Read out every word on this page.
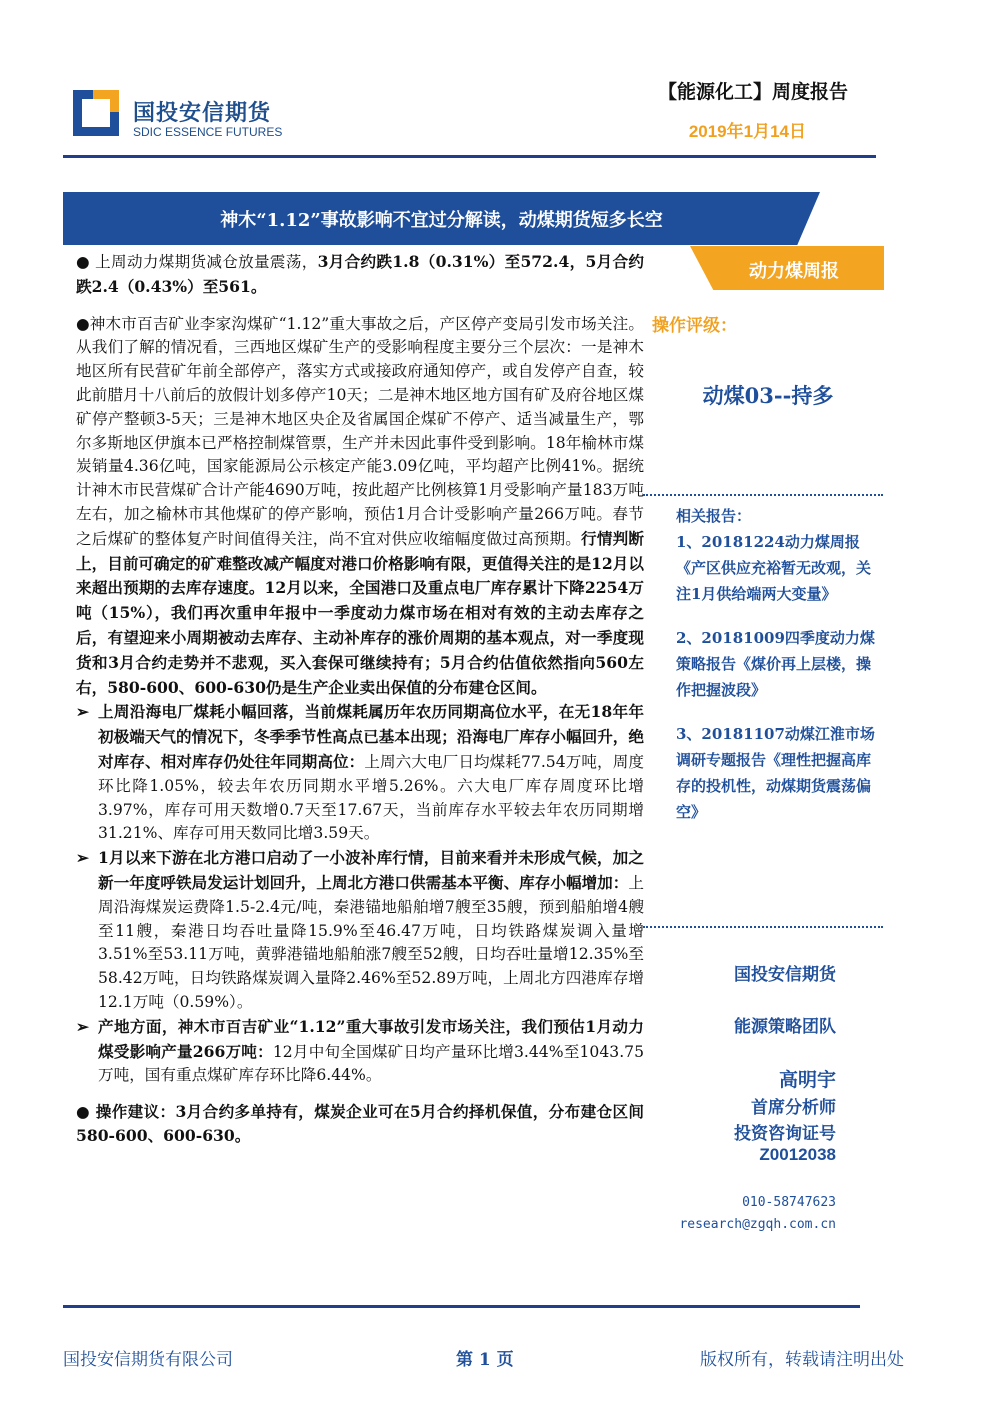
国投安信期货
SDIC ESSENCE FUTURES
【能源化工】周度报告
2019年1月14日
神木“1.12”事故影响不宜过分解读，动煤期货短多长空
动力煤周报

● 上周动力煤期货减仓放量震荡，3月合约跌1.8（0.31%）至572.4，5月合约跌2.4（0.43%）至561。

●神木市百吉矿业李家沟煤矿“1.12”重大事故之后，产区停产变局引发市场关注。从我们了解的情况看，三西地区煤矿生产的受影响程度主要分三个层次：一是神木地区所有民营矿年前全部停产，落实方式或接政府通知停产，或自发停产自查，较此前腊月十八前后的放假计划多停产10天；二是神木地区地方国有矿及府谷地区煤矿停产整顿3-5天；三是神木地区央企及省属国企煤矿不停产、适当减量生产，鄂尔多斯地区伊旗本已严格控制煤管票，生产并未因此事件受到影响。18年榆林市煤炭销量4.36亿吨，国家能源局公示核定产能3.09亿吨，平均超产比例41%。据统计神木市民营煤矿合计产能4690万吨，按此超产比例核算1月受影响产量183万吨左右，加之榆林市其他煤矿的停产影响，预估1月合计受影响产量266万吨。春节之后煤矿的整体复产时间值得关注，尚不宜对供应收缩幅度做过高预期。行情判断上，目前可确定的矿难整改减产幅度对港口价格影响有限，更值得关注的是12月以来超出预期的去库存速度。12月以来，全国港口及重点电厂库存累计下降2254万吨（15%），我们再次重申年报中一季度动力煤市场在相对有效的主动去库存之后，有望迎来小周期被动去库存、主动补库存的涨价周期的基本观点，对一季度现货和3月合约走势并不悲观，买入套保可继续持有；5月合约估值依然指向560左右，580-600、600-630仍是生产企业卖出保值的分布建仓区间。

➢ 上周沿海电厂煤耗小幅回落，当前煤耗属历年农历同期高位水平，在无18年年初极端天气的情况下，冬季季节性高点已基本出现；沿海电厂库存小幅回升，绝对库存、相对库存仍处往年同期高位：上周六大电厂日均煤耗77.54万吨，周度环比降1.05%，较去年农历同期水平增5.26%。六大电厂库存周度环比增3.97%，库存可用天数增0.7天至17.67天，当前库存水平较去年农历同期增31.21%、库存可用天数同比增3.59天。
➢ 1月以来下游在北方港口启动了一小波补库行情，目前来看并未形成气候，加之新一年度呼铁局发运计划回升，上周北方港口供需基本平衡、库存小幅增加：上周沿海煤炭运费降1.5-2.4元/吨，秦港锚地船舶增7艘至35艘，预到船舶增4艘至11艘，秦港日均吞吐量降15.9%至46.47万吨，日均铁路煤炭调入量增3.51%至53.11万吨，黄骅港锚地船舶涨7艘至52艘，日均吞吐量增12.35%至58.42万吨，日均铁路煤炭调入量降2.46%至52.89万吨，上周北方四港库存增12.1万吨（0.59%）。
➢ 产地方面，神木市百吉矿业“1.12”重大事故引发市场关注，我们预估1月动力煤受影响产量266万吨：12月中旬全国煤矿日均产量环比增3.44%至1043.75万吨，国有重点煤矿库存环比降6.44%。

● 操作建议：3月合约多单持有，煤炭企业可在5月合约择机保值，分布建仓区间580-600、600-630。

操作评级：
动煤03--持多

相关报告：

1、20181224动力煤周报《产区供应充裕暂无改观，关注1月供给端两大变量》

2、20181009四季度动力煤策略报告《煤价再上层楼，操作把握波段》

3、20181107动煤江淮市场调研专题报告《理性把握高库存的投机性，动煤期货震荡偏空》

国投安信期货
能源策略团队
高明宇
首席分析师
投资咨询证号
Z0012038
010-58747623
research@zgqh.com.cn
国投安信期货有限公司	第 1 页	版权所有，转载请注明出处
